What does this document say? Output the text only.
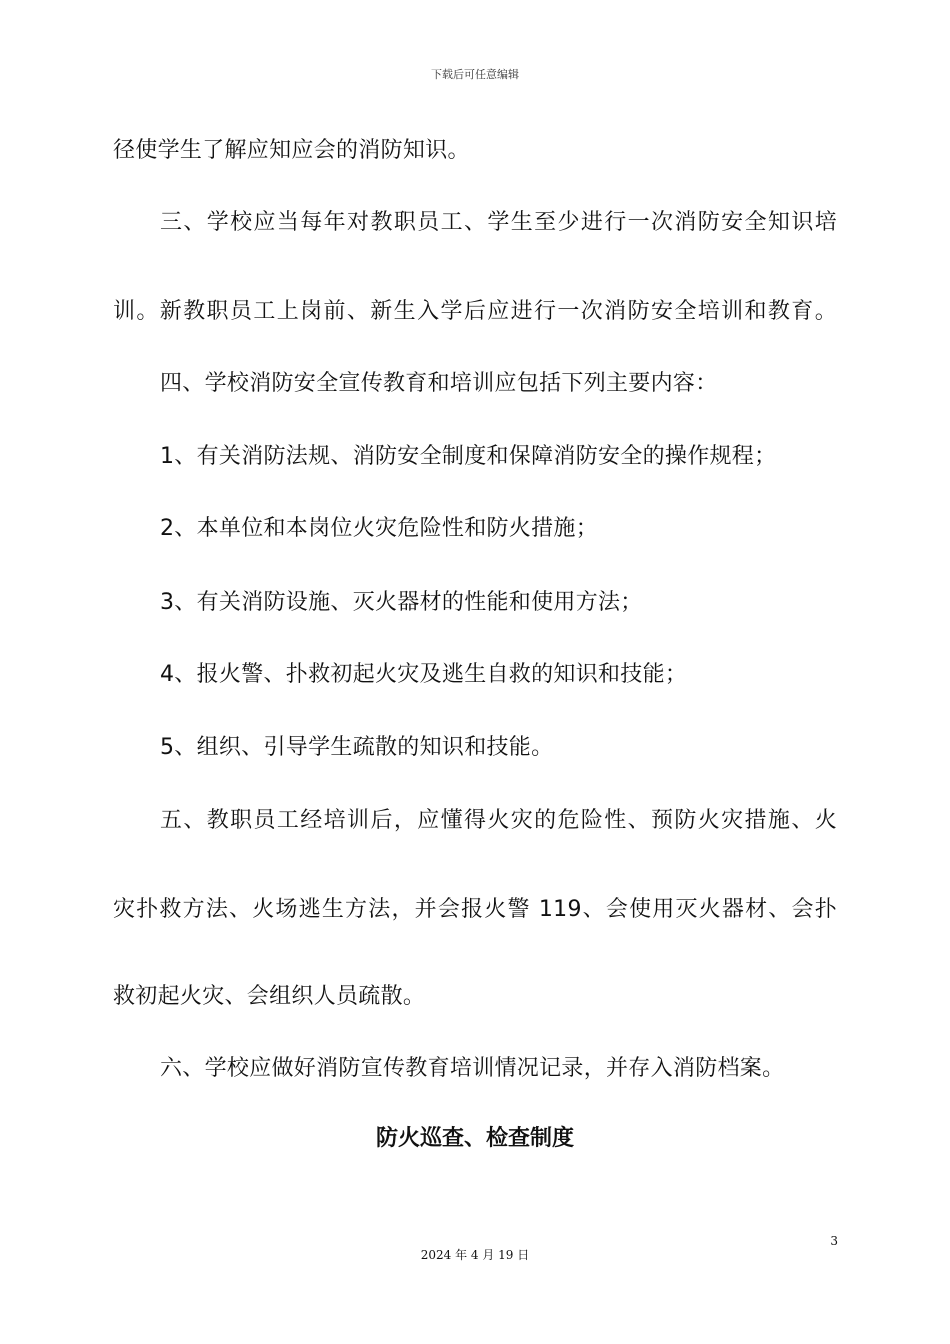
下载后可任意编辑
径使学生了解应知应会的消防知识。
三、学校应当每年对教职员工、学生至少进行一次消防安全知识培
训。新教职员工上岗前、新生入学后应进行一次消防安全培训和教育。
四、学校消防安全宣传教育和培训应包括下列主要内容：
1、有关消防法规、消防安全制度和保障消防安全的操作规程；
2、本单位和本岗位火灾危险性和防火措施；
3、有关消防设施、灭火器材的性能和使用方法；
4、报火警、扑救初起火灾及逃生自救的知识和技能；
5、组织、引导学生疏散的知识和技能。
五、教职员工经培训后，应懂得火灾的危险性、预防火灾措施、火
灾扑救方法、火场逃生方法，并会报火警 119、会使用灭火器材、会扑
救初起火灾、会组织人员疏散。
六、学校应做好消防宣传教育培训情况记录，并存入消防档案。
防火巡查、检查制度
3
2024 年 4 月 19 日
